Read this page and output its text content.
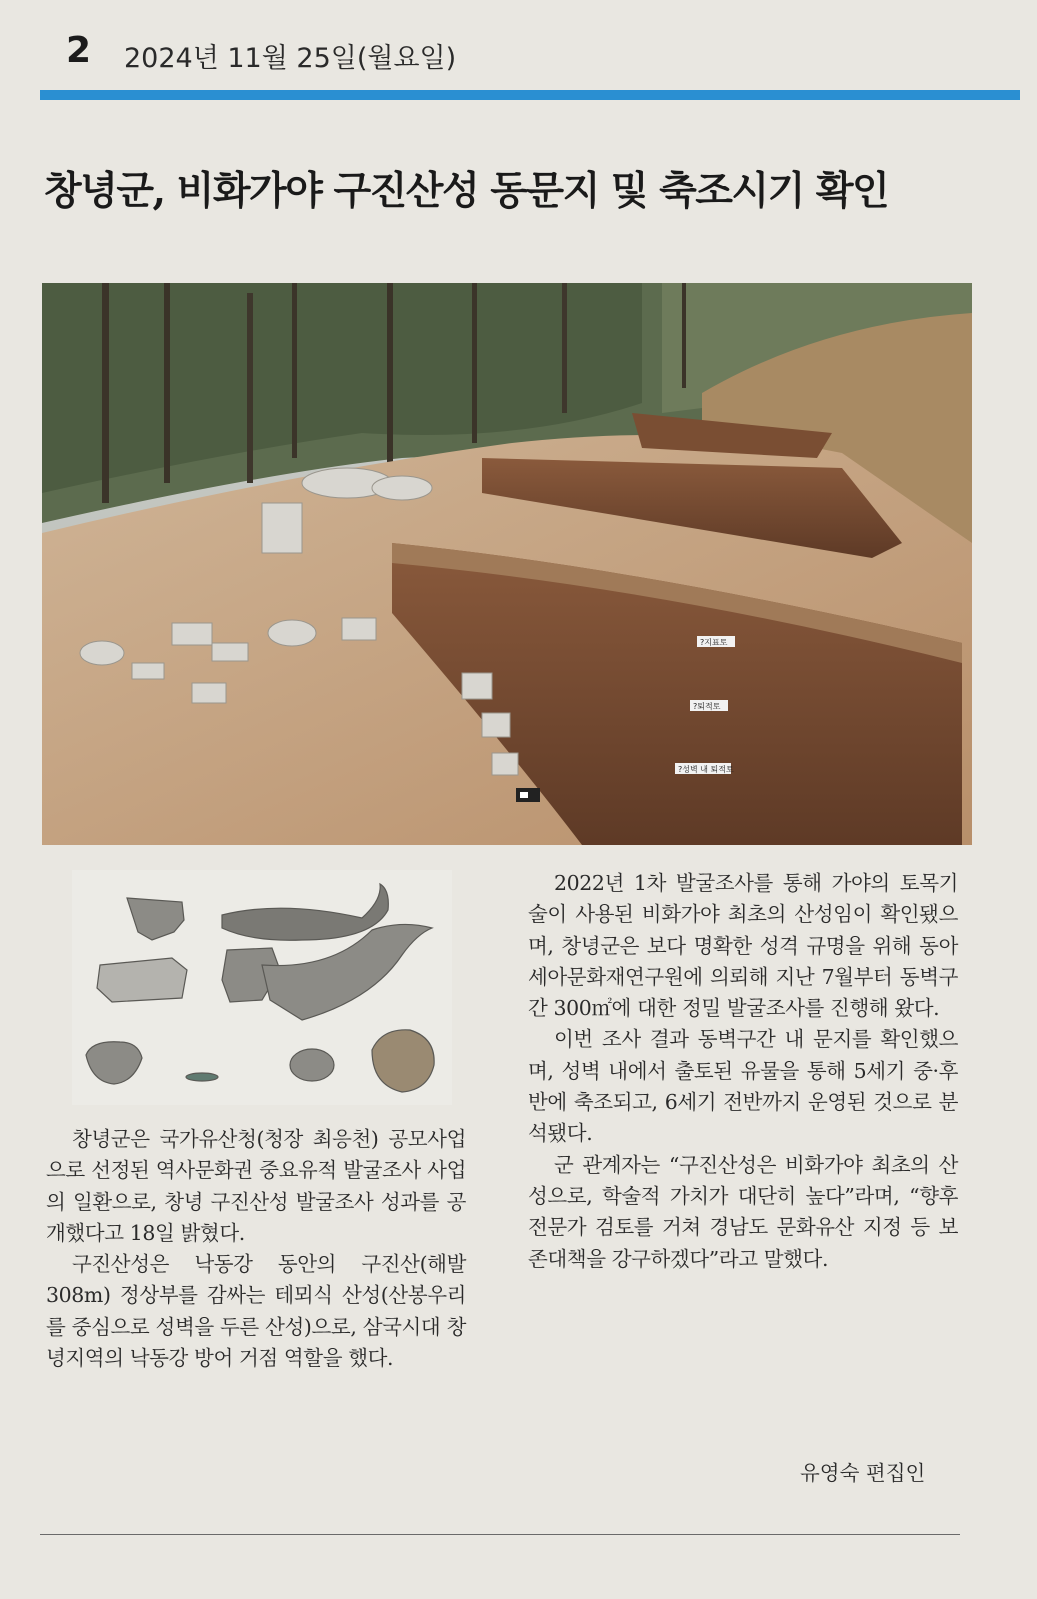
2 2024년 11월 25일(월요일)
창녕군, 비화가야 구진산성 동문지 및 축조시기 확인
?지표토
?퇴적토
?성벽 내 퇴적토

2022년 1차 발굴조사를 통해 가야의 토목기술이 사용된 비화가야 최초의 산성임이 확인됐으며, 창녕군은 보다 명확한 성격 규명을 위해 동아세아문화재연구원에 의뢰해 지난 7월부터 동벽구간 300㎡에 대한 정밀 발굴조사를 진행해 왔다.

이번 조사 결과 동벽구간 내 문지를 확인했으며, 성벽 내에서 출토된 유물을 통해 5세기 중·후반에 축조되고, 6세기 전반까지 운영된 것으로 분석됐다.

군 관계자는 “구진산성은 비화가야 최초의 산성으로, 학술적 가치가 대단히 높다”라며, “향후 전문가 검토를 거쳐 경남도 문화유산 지정 등 보존대책을 강구하겠다”라고 말했다.

창녕군은 국가유산청(청장 최응천) 공모사업으로 선정된 역사문화권 중요유적 발굴조사 사업의 일환으로, 창녕 구진산성 발굴조사 성과를 공개했다고 18일 밝혔다.

구진산성은 낙동강 동안의 구진산(해발 308m) 정상부를 감싸는 테뫼식 산성(산봉우리를 중심으로 성벽을 두른 산성)으로, 삼국시대 창녕지역의 낙동강 방어 거점 역할을 했다.

유영숙 편집인
